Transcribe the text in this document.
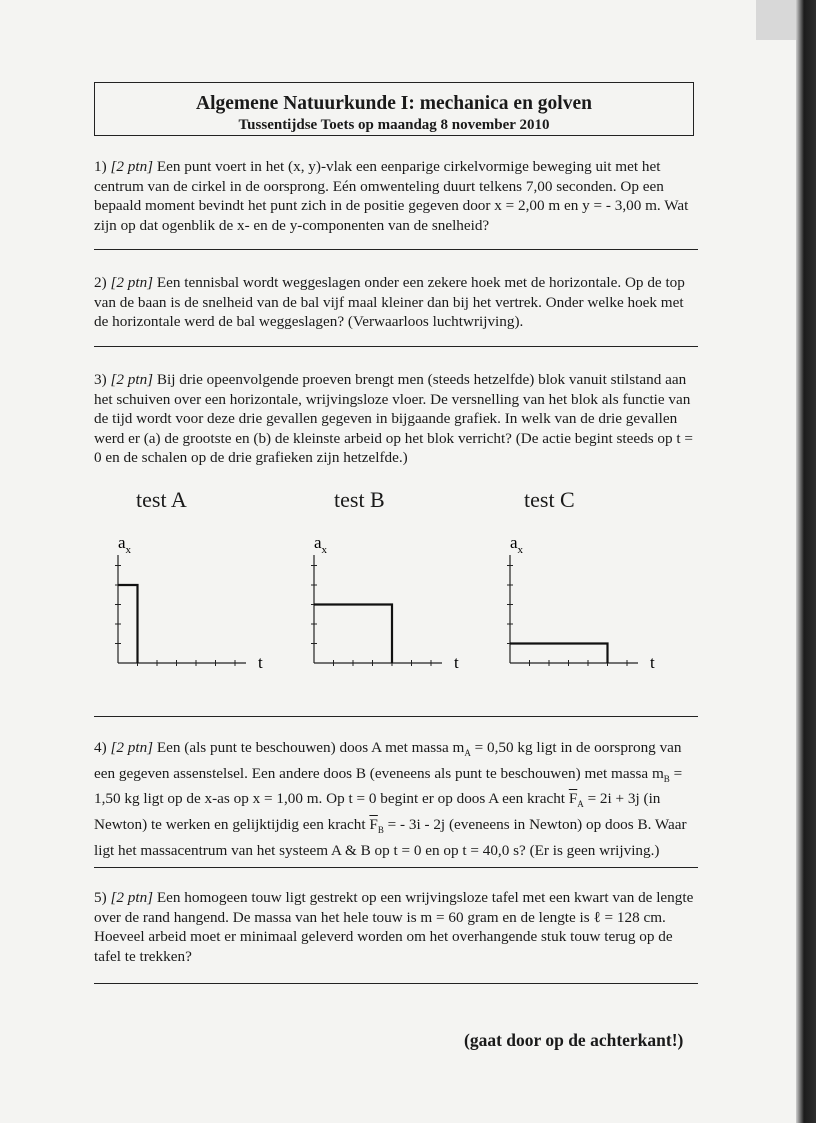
Algemene Natuurkunde I: mechanica en golven
Tussentijdse Toets op maandag 8 november 2010
1) [2 ptn] Een punt voert in het (x, y)-vlak een eenparige cirkelvormige beweging uit met het centrum van de cirkel in de oorsprong. Eén omwenteling duurt telkens 7,00 seconden. Op een bepaald moment bevindt het punt zich in de positie gegeven door x = 2,00 m en y = - 3,00 m. Wat zijn op dat ogenblik de x- en de y-componenten van de snelheid?
2) [2 ptn] Een tennisbal wordt weggeslagen onder een zekere hoek met de horizontale. Op de top van de baan is de snelheid van de bal vijf maal kleiner dan bij het vertrek. Onder welke hoek met de horizontale werd de bal weggeslagen? (Verwaarloos luchtwrijving).
3) [2 ptn] Bij drie opeenvolgende proeven brengt men (steeds hetzelfde) blok vanuit stilstand aan het schuiven over een horizontale, wrijvingsloze vloer. De versnelling van het blok als functie van de tijd wordt voor deze drie gevallen gegeven in bijgaande grafiek. In welk van de drie gevallen werd er (a) de grootste en (b) de kleinste arbeid op het blok verricht? (De actie begint steeds op t = 0 en de schalen op de drie grafieken zijn hetzelfde.)
test A	test B	test C
$a_x$
t
$a_x$
t
$a_x$
t
4) [2 ptn] Een (als punt te beschouwen) doos A met massa $m_A = 0,50$ kg ligt in de oorsprong van een gegeven assenstelsel. Een andere doos B (eveneens als punt te beschouwen) met massa $m_B = 1,50$ kg ligt op de x-as op x = 1,00 m. Op t = 0 begint er op doos A een kracht $\overline{F}_A = 2i + 3j$ (in Newton) te werken en gelijktijdig een kracht $\overline{F}_B$ = - 3i - 2j (eveneens in Newton) op doos B. Waar ligt het massacentrum van het systeem A & B op t = 0 en op t = 40,0 s? (Er is geen wrijving.)
5) [2 ptn] Een homogeen touw ligt gestrekt op een wrijvingsloze tafel met een kwart van de lengte over de rand hangend. De massa van het hele touw is m = 60 gram en de lengte is ℓ = 128 cm. Hoeveel arbeid moet er minimaal geleverd worden om het overhangende stuk touw terug op de tafel te trekken?
(gaat door op de achterkant!)
